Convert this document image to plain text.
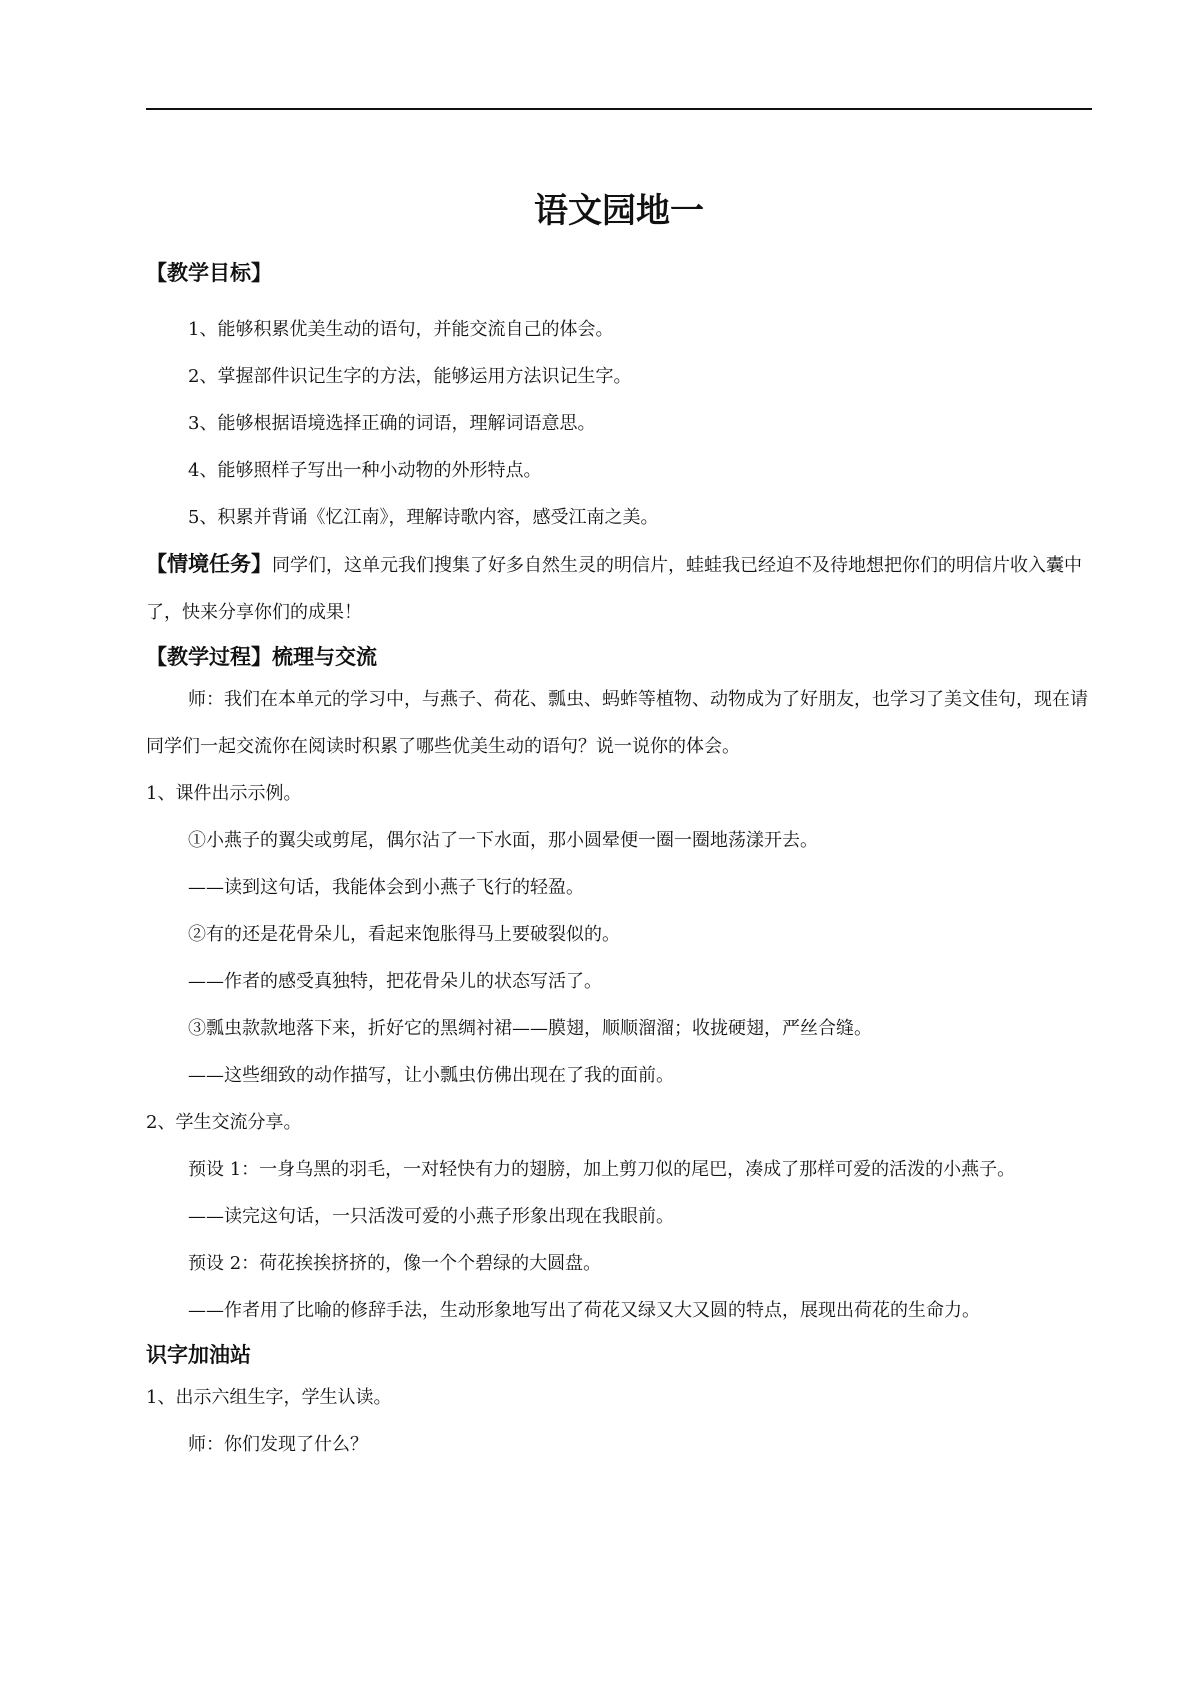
语文园地一
【教学目标】

1、能够积累优美生动的语句，并能交流自己的体会。

2、掌握部件识记生字的方法，能够运用方法识记生字。

3、能够根据语境选择正确的词语，理解词语意思。

4、能够照样子写出一种小动物的外形特点。

5、积累并背诵《忆江南》，理解诗歌内容，感受江南之美。

【情境任务】同学们，这单元我们搜集了好多自然生灵的明信片，蛙蛙我已经迫不及待地想把你们的明信片收入囊中了，快来分享你们的成果！

【教学过程】梳理与交流

师：我们在本单元的学习中，与燕子、荷花、瓢虫、蚂蚱等植物、动物成为了好朋友，也学习了美文佳句，现在请同学们一起交流你在阅读时积累了哪些优美生动的语句？说一说你的体会。

1、课件出示示例。

①小燕子的翼尖或剪尾，偶尔沾了一下水面，那小圆晕便一圈一圈地荡漾开去。

——读到这句话，我能体会到小燕子飞行的轻盈。

②有的还是花骨朵儿，看起来饱胀得马上要破裂似的。

——作者的感受真独特，把花骨朵儿的状态写活了。

③瓢虫款款地落下来，折好它的黑绸衬裙——膜翅，顺顺溜溜；收拢硬翅，严丝合缝。

——这些细致的动作描写，让小瓢虫仿佛出现在了我的面前。

2、学生交流分享。

预设 1：一身乌黑的羽毛，一对轻快有力的翅膀，加上剪刀似的尾巴，凑成了那样可爱的活泼的小燕子。

——读完这句话，一只活泼可爱的小燕子形象出现在我眼前。

预设 2：荷花挨挨挤挤的，像一个个碧绿的大圆盘。

——作者用了比喻的修辞手法，生动形象地写出了荷花又绿又大又圆的特点，展现出荷花的生命力。

识字加油站

1、出示六组生字，学生认读。

师：你们发现了什么？
